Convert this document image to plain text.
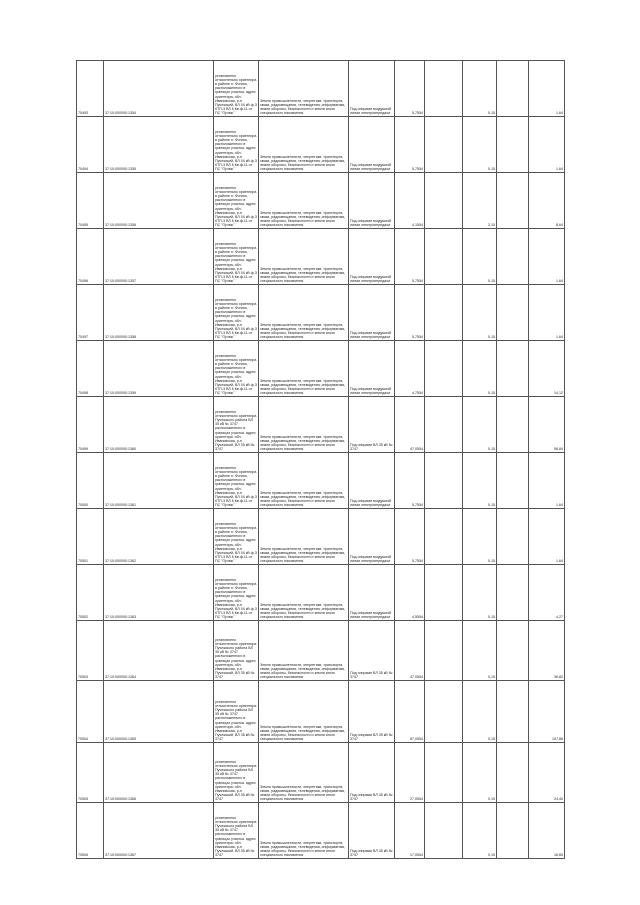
70493	37:10:000000:1354	установлено относительно ориентира в районе п. Фогино, расположенного в границах участка. адрес ориентира: обл. Ивановская, р-н
Пучежский, ВЛ 04 кВ ф-3 КТП-3 ВЛ 6 Кв ф-11 от ПС "Пучеж"	Земли промышленности, энергетики, транспорта, связи, радиовещания, телевидения, информатики, земли обороны, безопасности и земли иного специального назначения	Под опорами воздушной линии электропередачи	5,7554		0,15		1,64
70494	37:10:000000:1355	установлено относительно ориентира в районе п. Фогино, расположенного в границах участка. адрес ориентира: обл. Ивановская, р-н
Пучежский, ВЛ 04 кВ ф-3 КТП-3 ВЛ 6 Кв ф-11 от ПС "Пучеж"	Земли промышленности, энергетики, транспорта, связи, радиовещания, телевидения, информатики, земли обороны, безопасности и земли иного специального назначения	Под опорами воздушной линии электропередачи	5,7554		0,15		1,64
70495	37:10:000000:1356	установлено относительно ориентира в районе п. Фогино, расположенного в границах участка. адрес ориентира: обл. Ивановская, р-н
Пучежский, ВЛ 04 кВ ф-3 КТП-3 ВЛ 6 Кв ф-11 от ПС "Пучеж"	Земли промышленности, энергетики, транспорта, связи, радиовещания, телевидения, информатики, земли обороны, безопасности и земли иного специального назначения	Под опорами воздушной линии электропередачи	4,1554		2,10		8,64
70496	37:10:000000:1357	установлено относительно ориентира в районе п. Фогино, расположенного в границах участка. адрес ориентира: обл. Ивановская, р-н
Пучежский, ВЛ 04 кВ ф-3 КТП-3 ВЛ 6 Кв ф-11 от ПС "Пучеж"	Земли промышленности, энергетики, транспорта, связи, радиовещания, телевидения, информатики, земли обороны, безопасности и земли иного специального назначения	Под опорами воздушной линии электропередачи	5,7554		0,15		1,64
70497	37:10:000000:1358	установлено относительно ориентира в районе п. Фогино, расположенного в границах участка. адрес ориентира: обл. Ивановская, р-н
Пучежский, ВЛ 04 кВ ф-3 КТП-3 ВЛ 6 Кв ф-11 от ПС "Пучеж"	Земли промышленности, энергетики, транспорта, связи, радиовещания, телевидения, информатики, земли обороны, безопасности и земли иного специального назначения	Под опорами воздушной линии электропередачи	5,7554		0,15		1,64
70498	37:10:000000:1359	установлено относительно ориентира в районе п. Фогино, расположенного в границах участка. адрес ориентира: обл. Ивановская, р-н
Пучежский, ВЛ 04 кВ ф-3 КТП-3 ВЛ 6 Кв ф-11 от ПС "Пучеж"	Земли промышленности, энергетики, транспорта, связи, радиовещания, телевидения, информатики, земли обороны, безопасности и земли иного специального назначения	Под опорами воздушной линии электропередачи	4,7554		0,15		14,12
70499	37:10:000000:1360	установлено относительно ориентира Пучежского района ВЛ 35 кВ № 3747 расположенного в границах участка. адрес ориентира: обл. Ивановская, р-н
Пучежский, ВЛ 35 кВ № 3747	Земли промышленности, энергетики, транспорта, связи, радиовещания, телевидения, информатики, земли обороны, безопасности и земли иного специального назначения	Под опорами ВЛ 35 кВ № 3747	47,0554		0,15		56,84
70500	37:10:000000:1361	установлено относительно ориентира в районе п. Фогино, расположенного в границах участка. адрес ориентира: обл. Ивановская, р-н
Пучежский, ВЛ 04 кВ ф-3 КТП-3 ВЛ 6 Кв ф-11 от ПС "Пучеж"	Земли промышленности, энергетики, транспорта, связи, радиовещания, телевидения, информатики, земли обороны, безопасности и земли иного специального назначения	Под опорами воздушной линии электропередачи	5,7554		0,15		1,64
70501	37:10:000000:1362	установлено относительно ориентира в районе п. Фогино, расположенного в границах участка. адрес ориентира: обл. Ивановская, р-н
Пучежский, ВЛ 04 кВ ф-3 КТП-3 ВЛ 6 Кв ф-11 от ПС "Пучеж"	Земли промышленности, энергетики, транспорта, связи, радиовещания, телевидения, информатики, земли обороны, безопасности и земли иного специального назначения	Под опорами воздушной линии электропередачи	5,7554		0,15		1,64
70502	37:10:000000:1363	установлено относительно ориентира в районе п. Фогино, расположенного в границах участка. адрес ориентира: обл. Ивановская, р-н
Пучежский, ВЛ 04 кВ ф-3 КТП-3 ВЛ 6 Кв ф-11 от ПС "Пучеж"	Земли промышленности, энергетики, транспорта, связи, радиовещания, телевидения, информатики, земли обороны, безопасности и земли иного специального назначения	Под опорами воздушной линии электропередачи	4,5554		0,15		4,27
70503	37:10:000000:1364	установлено относительно ориентира Пучежского района ВЛ 35 кВ № 3747 расположенного в границах участка. адрес ориентира: обл. Ивановская, р-н
Пучежский, ВЛ 35 кВ № 3747	Земли промышленности, энергетики, транспорта, связи, радиовещания, телевидения, информатики, земли обороны, безопасности и земли иного специального назначения	Под опорами ВЛ 35 кВ № 3747	47,0554		0,15		36,82
70504	37:10:000000:1365	установлено относительно ориентира Пучежского района ВЛ 35 кВ № 3747 расположенного в границах участка. адрес ориентира: обл. Ивановская, р-н
Пучежский, ВЛ 35 кВ № 3747	Земли промышленности, энергетики, транспорта, связи, радиовещания, телевидения, информатики, земли обороны, безопасности и земли иного специального назначения	Под опорами ВЛ 35 кВ № 3747	87,0554		0,15		107,88
70505	37:10:000000:1366	установлено относительно ориентира Пучежского района ВЛ 35 кВ № 3747 расположенного в границах участка. адрес ориентира: обл. Ивановская, р-н
Пучежский, ВЛ 35 кВ № 3747	Земли промышленности, энергетики, транспорта, связи, радиовещания, телевидения, информатики, земли обороны, безопасности и земли иного специального назначения	Под опорами ВЛ 35 кВ № 3747	27,0554		0,15		24,40
70506	37:10:000000:1367	установлено относительно ориентира Пучежского района ВЛ 35 кВ № 3747 расположенного в границах участка. адрес ориентира: обл. Ивановская, р-н
Пучежский, ВЛ 35 кВ № 3747	Земли промышленности, энергетики, транспорта, связи, радиовещания, телевидения, информатики, земли обороны, безопасности и земли иного специального назначения	Под опорами ВЛ 35 кВ № 3747	17,0554		0,15		16,65
